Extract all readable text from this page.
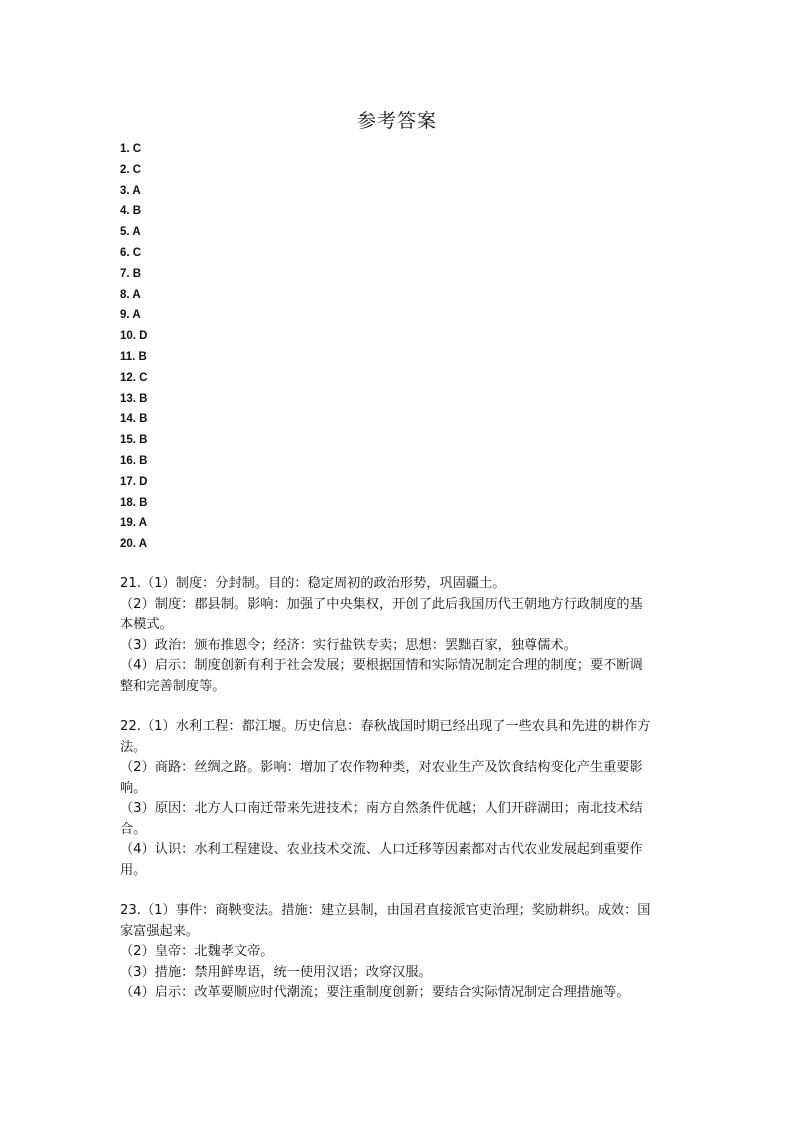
参考答案
1. C
2. C
3. A
4. B
5. A
6. C
7. B
8. A
9. A
10. D
11. B
12. C
13. B
14. B
15. B
16. B
17. D
18. B
19. A
20. A
21.（1）制度：分封制。目的：稳定周初的政治形势，巩固疆土。
（2）制度：郡县制。影响：加强了中央集权，开创了此后我国历代王朝地方行政制度的基
本模式。
（3）政治：颁布推恩令；经济：实行盐铁专卖；思想：罢黜百家，独尊儒术。
（4）启示：制度创新有利于社会发展；要根据国情和实际情况制定合理的制度；要不断调
整和完善制度等。
22.（1）水利工程：都江堰。历史信息：春秋战国时期已经出现了一些农具和先进的耕作方
法。
（2）商路：丝绸之路。影响：增加了农作物种类，对农业生产及饮食结构变化产生重要影
响。
（3）原因：北方人口南迁带来先进技术；南方自然条件优越；人们开辟湖田；南北技术结
合。
（4）认识：水利工程建设、农业技术交流、人口迁移等因素都对古代农业发展起到重要作
用。
23.（1）事件：商鞅变法。措施：建立县制，由国君直接派官吏治理；奖励耕织。成效：国
家富强起来。
（2）皇帝：北魏孝文帝。
（3）措施：禁用鲜卑语，统一使用汉语；改穿汉服。
（4）启示：改革要顺应时代潮流；要注重制度创新；要结合实际情况制定合理措施等。
